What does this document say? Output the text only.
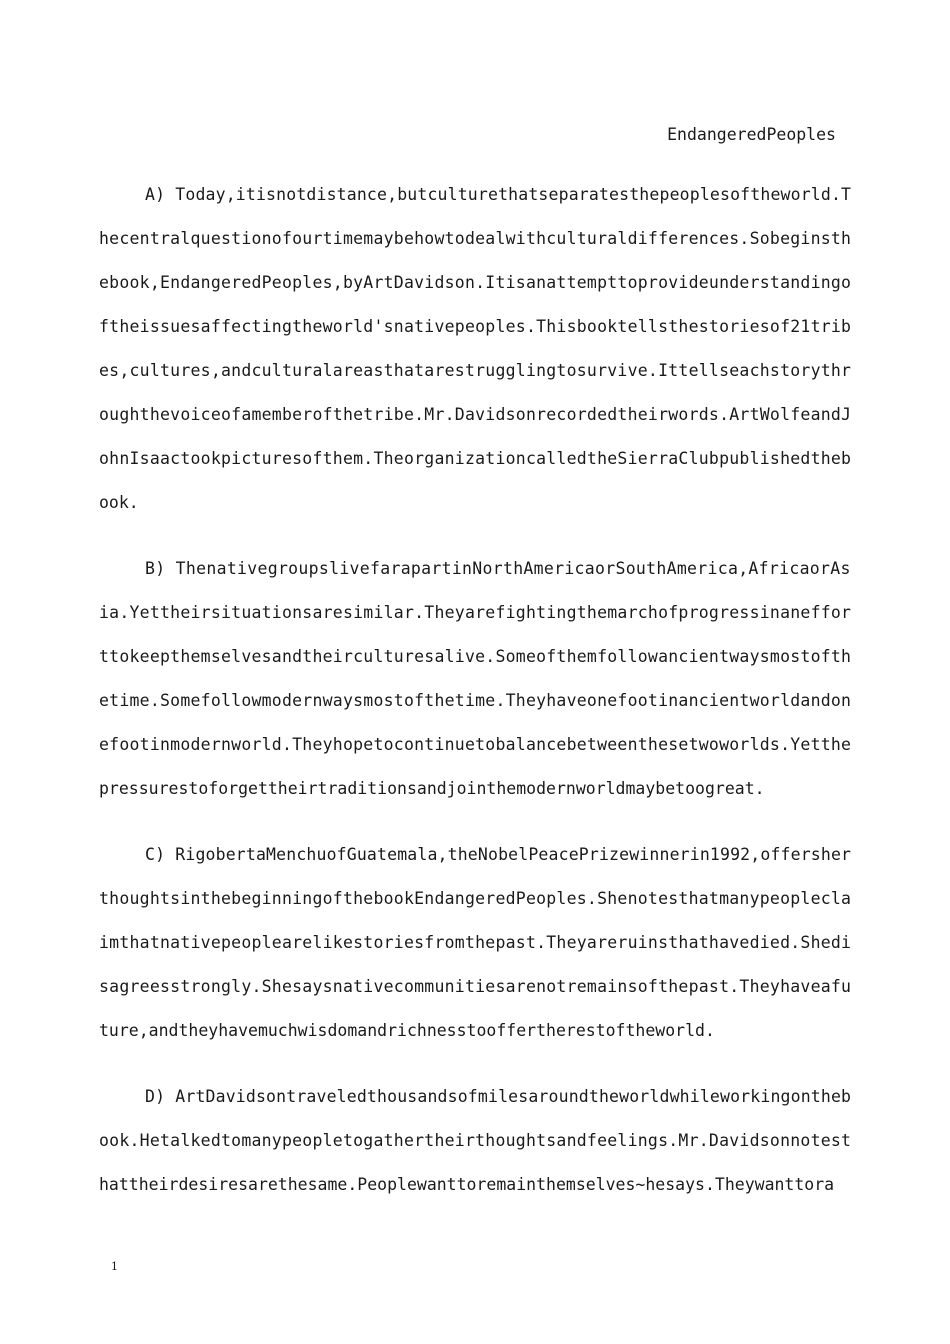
EndangeredPeoples
A) Today,itisnotdistance,butculturethatseparatesthepeoplesoftheworld.T
hecentralquestionofourtimemaybehowtodealwithculturaldifferences.Sobeginsth
ebook,EndangeredPeoples,byArtDavidson.Itisanattempttoprovideunderstandingo
ftheissuesaffectingtheworld'snativepeoples.Thisbooktellsthestoriesof21trib
es,cultures,andculturalareasthatarestrugglingtosurvive.Ittellseachstorythr
oughthevoiceofamemberofthetribe.Mr.Davidsonrecordedtheirwords.ArtWolfeandJ
ohnIsaactookpicturesofthem.TheorganizationcalledtheSierraClubpublishedtheb
ook.
B) ThenativegroupslivefarapartinNorthAmericaorSouthAmerica,AfricaorAs
ia.Yettheirsituationsaresimilar.Theyarefightingthemarchofprogressinaneffor
ttokeepthemselvesandtheirculturesalive.Someofthemfollowancientwaysmostofth
etime.Somefollowmodernwaysmostofthetime.Theyhaveonefootinancientworldandon
efootinmodernworld.Theyhopetocontinuetobalancebetweenthesetwoworlds.Yetthe
pressurestoforgettheirtraditionsandjointhemodernworldmaybetoogreat.
C) RigobertaMenchuofGuatemala,theNobelPeacePrizewinnerin1992,offersher
thoughtsinthebeginningofthebookEndangeredPeoples.Shenotesthatmanypeoplecla
imthatnativepeoplearelikestoriesfromthepast.Theyareruinsthathavedied.Shedi
sagreesstrongly.Shesaysnativecommunitiesarenotremainsofthepast.Theyhaveafu
ture,andtheyhavemuchwisdomandrichnesstooffertherestoftheworld.
D) ArtDavidsontraveledthousandsofmilesaroundtheworldwhileworkingontheb
ook.Hetalkedtomanypeopletogathertheirthoughtsandfeelings.Mr.Davidsonnotest
hattheirdesiresarethesame.Peoplewanttoremainthemselves~hesays.Theywanttora
1
